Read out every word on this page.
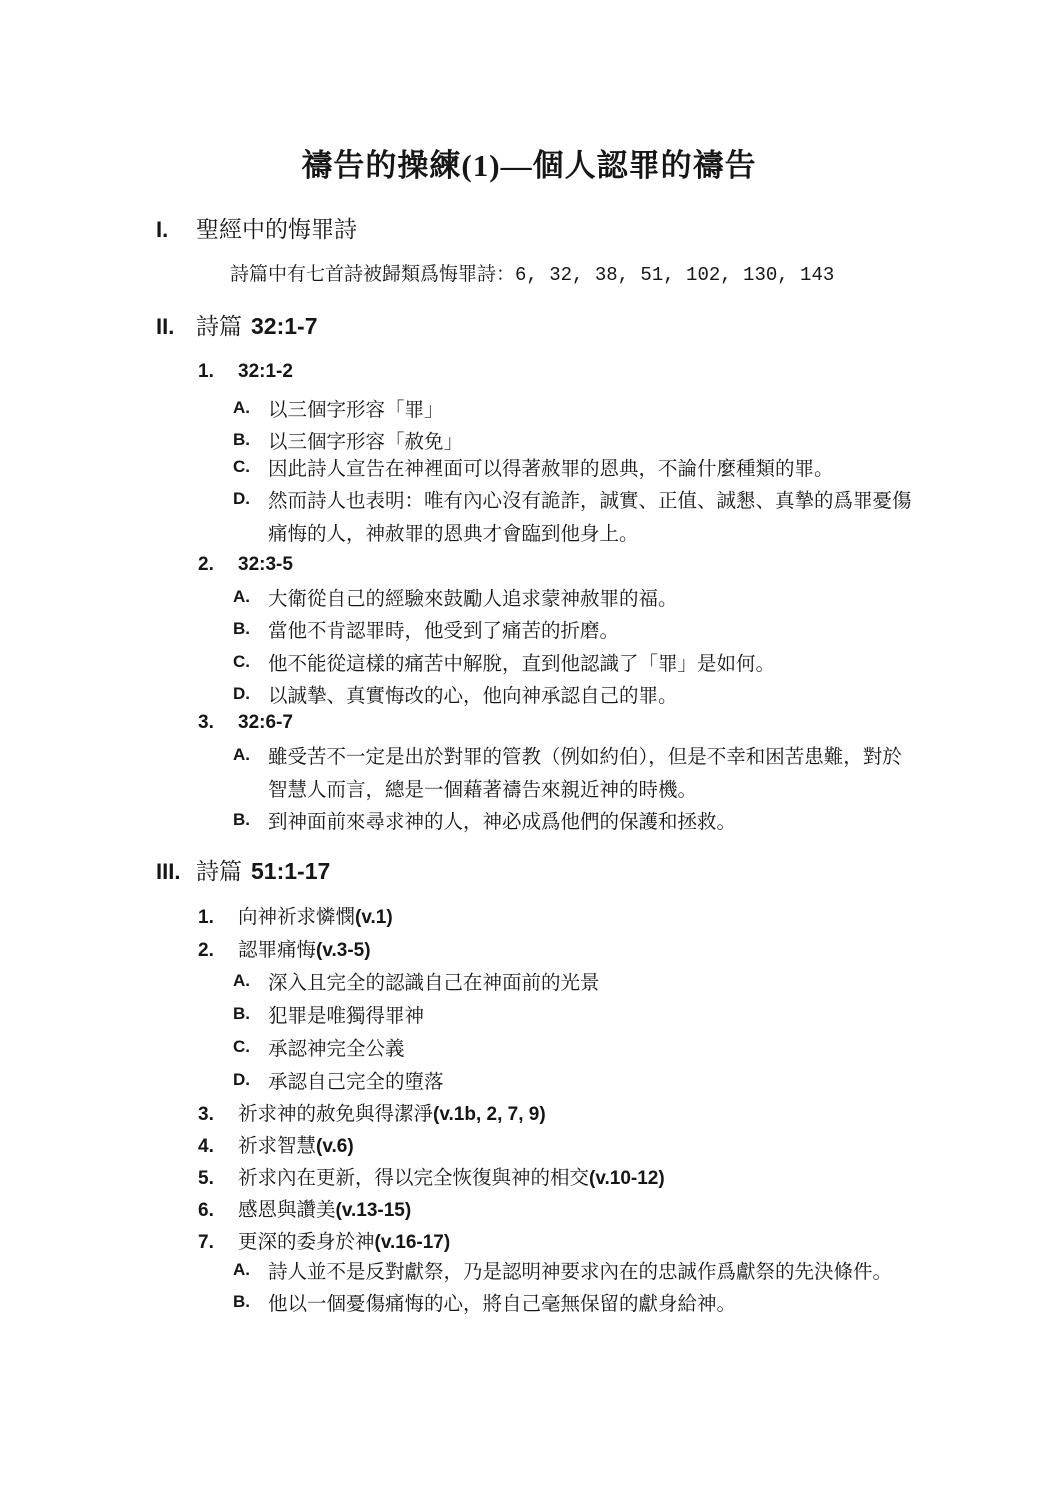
禱告的操練(1)—個人認罪的禱告
I.	聖經中的悔罪詩
詩篇中有七首詩被歸類爲悔罪詩：6, 32, 38, 51, 102, 130, 143
II. 詩篇 32:1-7
1.	32:1-2
A. 以三個字形容「罪」
B. 以三個字形容「赦免」
C. 因此詩人宣告在神裡面可以得著赦罪的恩典，不論什麼種類的罪。
D. 然而詩人也表明：唯有內心沒有詭詐，誠實、正值、誠懇、真摯的爲罪憂傷痛悔的人，神赦罪的恩典才會臨到他身上。
2.	32:3-5
A. 大衛從自己的經驗來鼓勵人追求蒙神赦罪的福。
B. 當他不肯認罪時，他受到了痛苦的折磨。
C. 他不能從這樣的痛苦中解脫，直到他認識了「罪」是如何。
D. 以誠摯、真實悔改的心，他向神承認自己的罪。
3.	32:6-7
A. 雖受苦不一定是出於對罪的管教（例如約伯），但是不幸和困苦患難，對於智慧人而言，總是一個藉著禱告來親近神的時機。
B. 到神面前來尋求神的人，神必成爲他們的保護和拯救。
III. 詩篇 51:1-17
1.	向神祈求憐憫 (v.1)
2.	認罪痛悔 (v.3-5)
A. 深入且完全的認識自己在神面前的光景
B. 犯罪是唯獨得罪神
C. 承認神完全公義
D. 承認自己完全的墮落
3.	祈求神的赦免與得潔淨 (v.1b, 2, 7, 9)
4.	祈求智慧 (v.6)
5.	祈求內在更新，得以完全恢復與神的相交 (v.10-12)
6.	感恩與讚美 (v.13-15)
7.	更深的委身於神 (v.16-17)
A. 詩人並不是反對獻祭，乃是認明神要求內在的忠誠作爲獻祭的先決條件。
B. 他以一個憂傷痛悔的心，將自己毫無保留的獻身給神。
